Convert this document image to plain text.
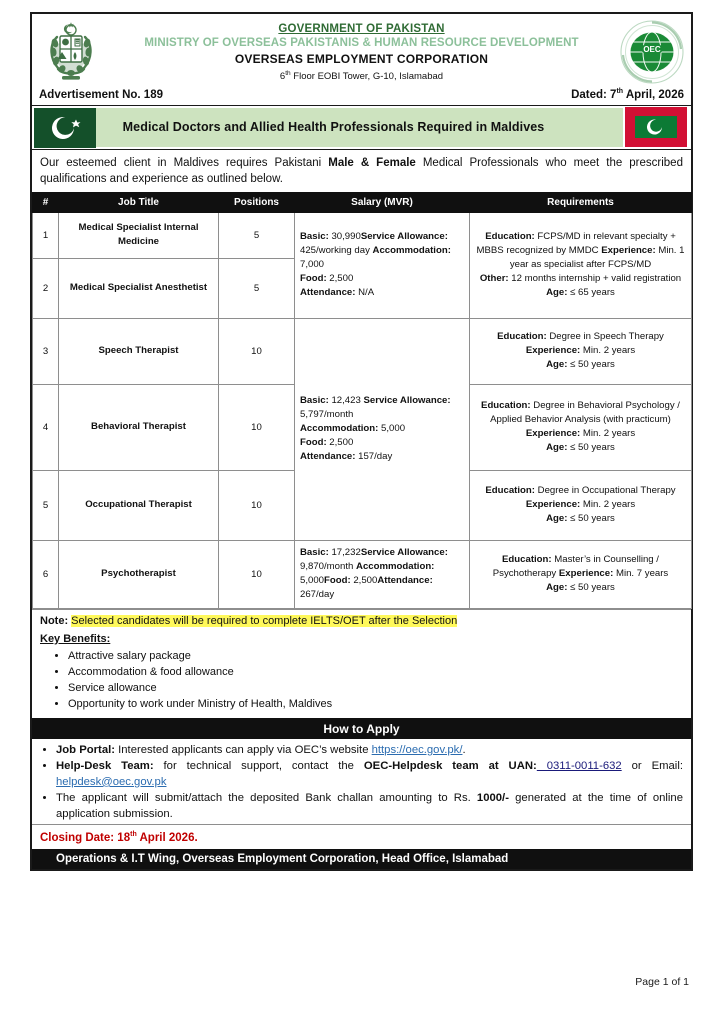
GOVERNMENT OF PAKISTAN
MINISTRY OF OVERSEAS PAKISTANIS & HUMAN RESOURCE DEVELOPMENT
OVERSEAS EMPLOYMENT CORPORATION
6th Floor EOBI Tower, G-10, Islamabad
OEC
Advertisement No. 189	Dated: 7th April, 2026
Medical Doctors and Allied Health Professionals Required in Maldives
Our esteemed client in Maldives requires Pakistani Male & Female Medical Professionals who meet the prescribed qualifications and experience as outlined below.
#	Job Title	Positions	Salary (MVR)	Requirements
1	Medical Specialist Internal Medicine	5	Basic: 30,990Service Allowance: 425/working day Accommodation: 7,000
Food: 2,500
Attendance: N/A	Education: FCPS/MD in relevant specialty + MBBS recognized by MMDC Experience: Min. 1 year as specialist after FCPS/MD
Other: 12 months internship + valid registration
Age: ≤ 65 years
2	Medical Specialist Anesthetist	5		
3	Speech Therapist	10	Basic: 12,423 Service Allowance:
5,797/month
Accommodation: 5,000
Food: 2,500
Attendance: 157/day	Education: Degree in Speech Therapy
Experience: Min. 2 years
Age: ≤ 50 years
4	Behavioral Therapist	10		Education: Degree in Behavioral Psychology / Applied Behavior Analysis (with practicum)
Experience: Min. 2 years
Age: ≤ 50 years
5	Occupational Therapist	10		Education: Degree in Occupational Therapy
Experience: Min. 2 years
Age: ≤ 50 years
6	Psychotherapist	10	Basic: 17,232Service Allowance: 9,870/month Accommodation: 5,000Food: 2,500Attendance: 267/day	Education: Master’s in Counselling / Psychotherapy Experience: Min. 7 years
Age: ≤ 50 years
Note: Selected candidates will be required to complete IELTS/OET after the Selection
Key Benefits:
• Attractive salary package
• Accommodation & food allowance
• Service allowance
• Opportunity to work under Ministry of Health, Maldives
How to Apply
• Job Portal: Interested applicants can apply via OEC’s website https://oec.gov.pk/.
• Help-Desk Team: for technical support, contact the OEC-Helpdesk team at UAN: 0311-0011-632 or Email: helpdesk@oec.gov.pk
• The applicant will submit/attach the deposited Bank challan amounting to Rs. 1000/- generated at the time of online application submission.
Closing Date: 18th April 2026.
Operations & I.T Wing, Overseas Employment Corporation, Head Office, Islamabad
Page 1 of 1
